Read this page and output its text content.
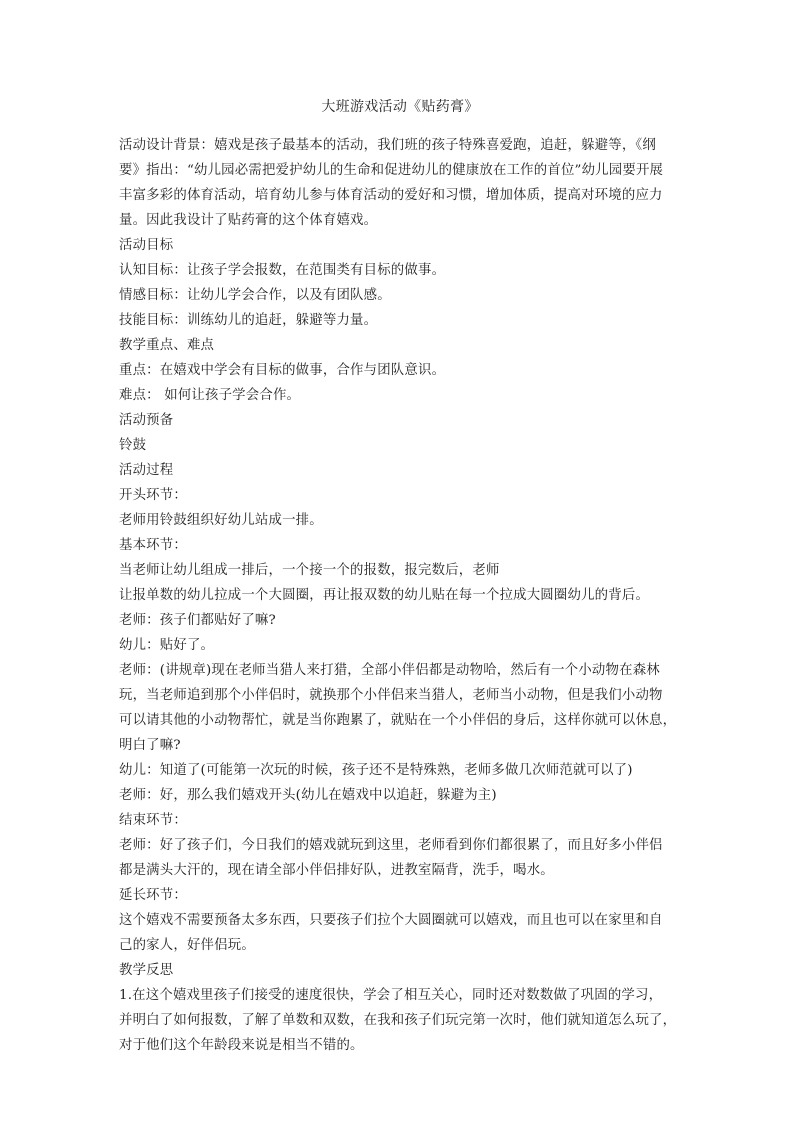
大班游戏活动《贴药膏》

活动设计背景：嬉戏是孩子最基本的活动，我们班的孩子特殊喜爱跑，追赶，躲避等，《纲
要》指出：“幼儿园必需把爱护幼儿的生命和促进幼儿的健康放在工作的首位”幼儿园要开展
丰富多彩的体育活动，培育幼儿参与体育活动的爱好和习惯，增加体质，提高对环境的应力
量。因此我设计了贴药膏的这个体育嬉戏。

活动目标

认知目标：让孩子学会报数，在范围类有目标的做事。

情感目标：让幼儿学会合作，以及有团队感。

技能目标：训练幼儿的追赶，躲避等力量。

教学重点、难点

重点：在嬉戏中学会有目标的做事，合作与团队意识。

难点： 如何让孩子学会合作。

活动预备

铃鼓

活动过程

开头环节：

老师用铃鼓组织好幼儿站成一排。

基本环节：

当老师让幼儿组成一排后，一个接一个的报数，报完数后，老师

让报单数的幼儿拉成一个大圆圈，再让报双数的幼儿贴在每一个拉成大圆圈幼儿的背后。

老师：孩子们都贴好了嘛?

幼儿：贴好了。

老师：(讲规章)现在老师当猎人来打猎，全部小伴侣都是动物哈，然后有一个小动物在森林
玩，当老师追到那个小伴侣时，就换那个小伴侣来当猎人，老师当小动物，但是我们小动物
可以请其他的小动物帮忙，就是当你跑累了，就贴在一个小伴侣的身后，这样你就可以休息，
明白了嘛?

幼儿：知道了(可能第一次玩的时候，孩子还不是特殊熟，老师多做几次师范就可以了)

老师：好，那么我们嬉戏开头(幼儿在嬉戏中以追赶，躲避为主)

结束环节：

老师：好了孩子们，今日我们的嬉戏就玩到这里，老师看到你们都很累了，而且好多小伴侣
都是满头大汗的，现在请全部小伴侣排好队，进教室隔背，洗手，喝水。

延长环节：

这个嬉戏不需要预备太多东西，只要孩子们拉个大圆圈就可以嬉戏，而且也可以在家里和自
己的家人，好伴侣玩。

教学反思

1.在这个嬉戏里孩子们接受的速度很快，学会了相互关心，同时还对数数做了巩固的学习，
并明白了如何报数，了解了单数和双数，在我和孩子们玩完第一次时，他们就知道怎么玩了，
对于他们这个年龄段来说是相当不错的。
